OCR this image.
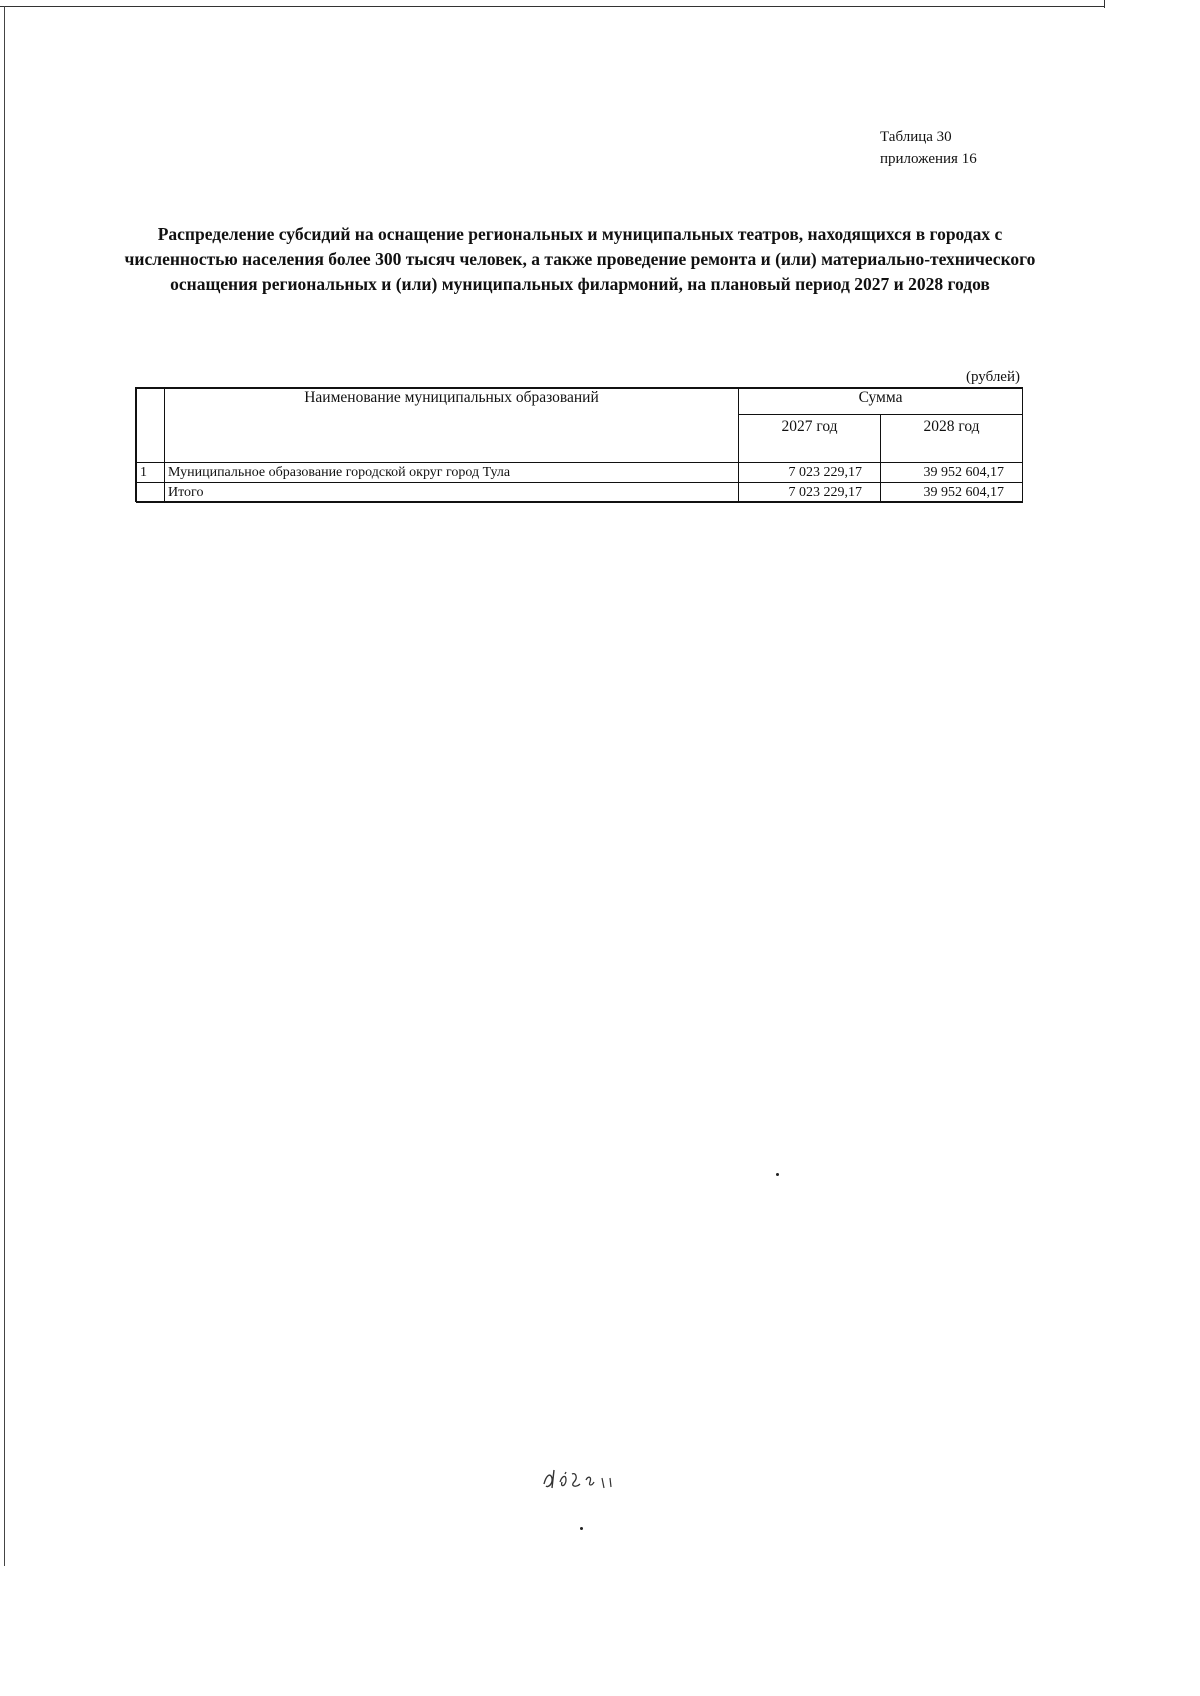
Таблица 30
приложения 16
Распределение субсидий на оснащение региональных и муниципальных театров, находящихся в городах с численностью населения более 300 тысяч человек, а также проведение ремонта и (или) материально-технического оснащения региональных и (или) муниципальных филармоний, на плановый период 2027 и 2028 годов
(рублей)
	Наименование муниципальных образований	Сумма	
		2027 год	2028 год
1	Муниципальное образование городской округ город Тула	7 023 229,17	39 952 604,17
	Итого	7 023 229,17	39 952 604,17
